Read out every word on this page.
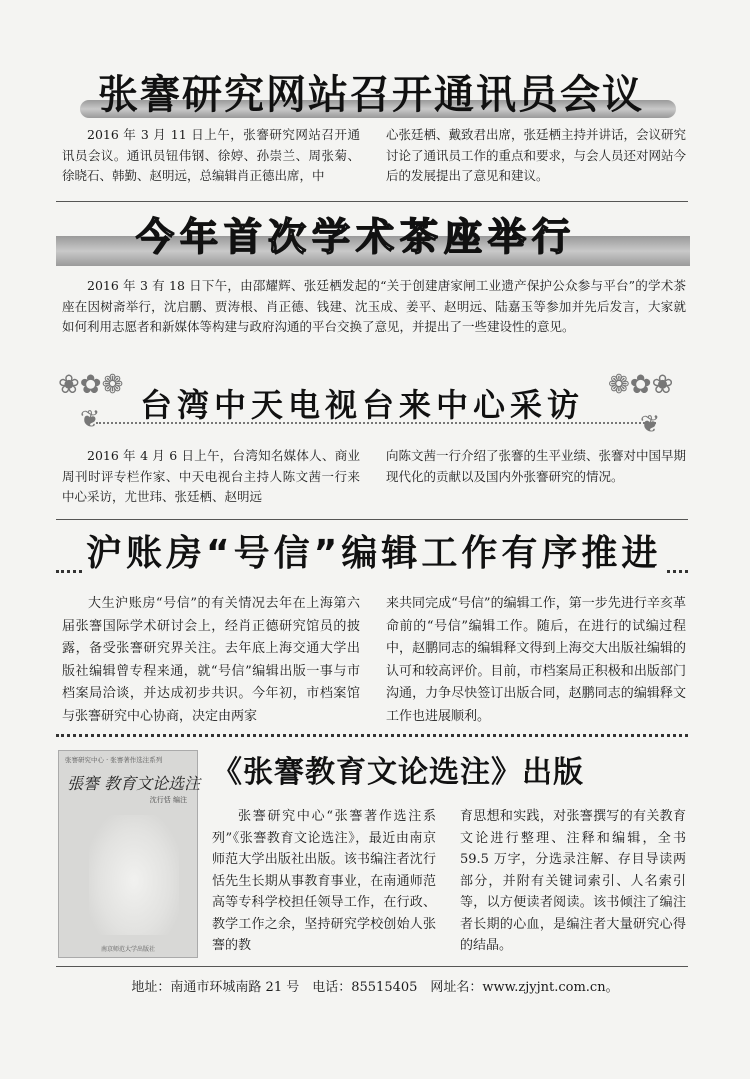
张謇研究网站召开通讯员会议
2016 年 3 月 11 日上午，张謇研究网站召开通讯员会议。通讯员钮伟钢、徐婷、孙崇兰、周张菊、徐晓石、韩勤、赵明远，总编辑肖正德出席，中
心张廷栖、戴致君出席，张廷栖主持并讲话，会议研究讨论了通讯员工作的重点和要求，与会人员还对网站今后的发展提出了意见和建议。
今年首次学术茶座举行
2016 年 3 有 18 日下午，由邵耀辉、张廷栖发起的“关于创建唐家闸工业遗产保护公众参与平台”的学术茶座在因树斋举行，沈启鹏、贾涛根、肖正德、钱建、沈玉成、姜平、赵明远、陆嘉玉等参加并先后发言，大家就如何利用志愿者和新媒体等构建与政府沟通的平台交换了意见，并提出了一些建设性的意见。
❀✿❁	❁✿❀
❦	❦
台湾中天电视台来中心采访
2016 年 4 月 6 日上午，台湾知名媒体人、商业周刊时评专栏作家、中天电视台主持人陈文茜一行来中心采访，尤世玮、张廷栖、赵明远
向陈文茜一行介绍了张謇的生平业绩、张謇对中国早期现代化的贡献以及国内外张謇研究的情况。
沪账房“号信”编辑工作有序推进
大生沪账房“号信”的有关情况去年在上海第六届张謇国际学术研讨会上，经肖正德研究馆员的披露，备受张謇研究界关注。去年底上海交通大学出版社编辑曾专程来通，就“号信”编辑出版一事与市档案局洽谈，并达成初步共识。今年初，市档案馆与张謇研究中心协商，决定由两家
来共同完成“号信”的编辑工作，第一步先进行辛亥革命前的“号信”编辑工作。随后，在进行的试编过程中，赵鹏同志的编辑释文得到上海交大出版社编辑的认可和较高评价。目前，市档案局正积极和出版部门沟通，力争尽快签订出版合同，赵鹏同志的编辑释文工作也进展顺利。
张謇研究中心 · 张謇著作选注系列
張謇 教育文论选注
沈行恬 编注
南京师范大学出版社
《张謇教育文论选注》出版
张謇研究中心“张謇著作选注系列”《张謇教育文论选注》，最近由南京师范大学出版社出版。该书编注者沈行恬先生长期从事教育事业，在南通师范高等专科学校担任领导工作，在行政、教学工作之余，坚持研究学校创始人张謇的教
育思想和实践，对张謇撰写的有关教育文论进行整理、注释和编辑，全书 59.5 万字，分选录注解、存目导读两部分，并附有关键词索引、人名索引等，以方便读者阅读。该书倾注了编注者长期的心血，是编注者大量研究心得的结晶。
地址：南通市环城南路 21 号　电话：85515405　网址名：www.zjyjnt.com.cn。
